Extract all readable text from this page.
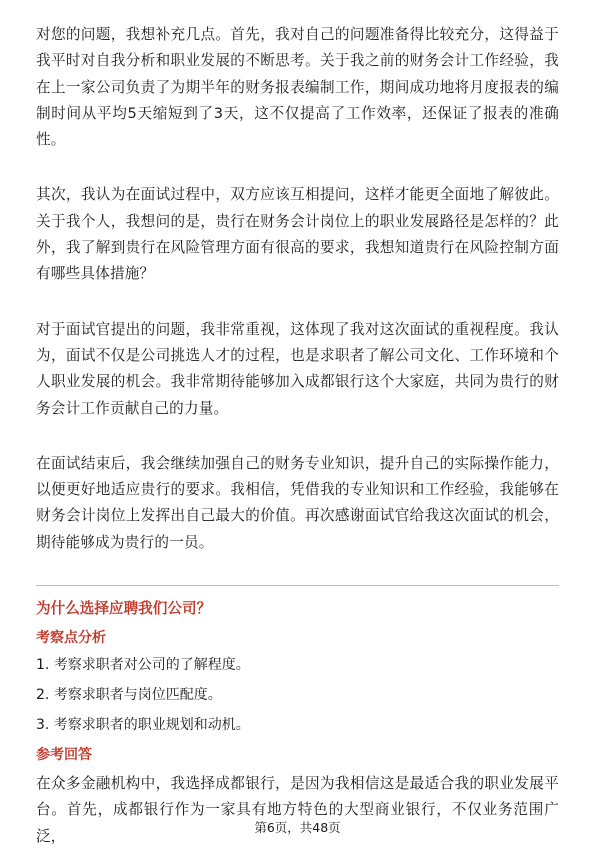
对您的问题，我想补充几点。首先，我对自己的问题准备得比较充分，这得益于我平时对自我分析和职业发展的不断思考。关于我之前的财务会计工作经验，我在上一家公司负责了为期半年的财务报表编制工作，期间成功地将月度报表的编制时间从平均5天缩短到了3天，这不仅提高了工作效率，还保证了报表的准确性。

其次，我认为在面试过程中，双方应该互相提问，这样才能更全面地了解彼此。关于我个人，我想问的是，贵行在财务会计岗位上的职业发展路径是怎样的？此外，我了解到贵行在风险管理方面有很高的要求，我想知道贵行在风险控制方面有哪些具体措施？

对于面试官提出的问题，我非常重视，这体现了我对这次面试的重视程度。我认为，面试不仅是公司挑选人才的过程，也是求职者了解公司文化、工作环境和个人职业发展的机会。我非常期待能够加入成都银行这个大家庭，共同为贵行的财务会计工作贡献自己的力量。

在面试结束后，我会继续加强自己的财务专业知识，提升自己的实际操作能力，以便更好地适应贵行的要求。我相信，凭借我的专业知识和工作经验，我能够在财务会计岗位上发挥出自己最大的价值。再次感谢面试官给我这次面试的机会，期待能够成为贵行的一员。

为什么选择应聘我们公司？
考察点分析
1. 考察求职者对公司的了解程度。
2. 考察求职者与岗位匹配度。
3. 考察求职者的职业规划和动机。
参考回答

在众多金融机构中，我选择成都银行，是因为我相信这是最适合我的职业发展平台。首先，成都银行作为一家具有地方特色的大型商业银行，不仅业务范围广泛，

第6页，共48页
